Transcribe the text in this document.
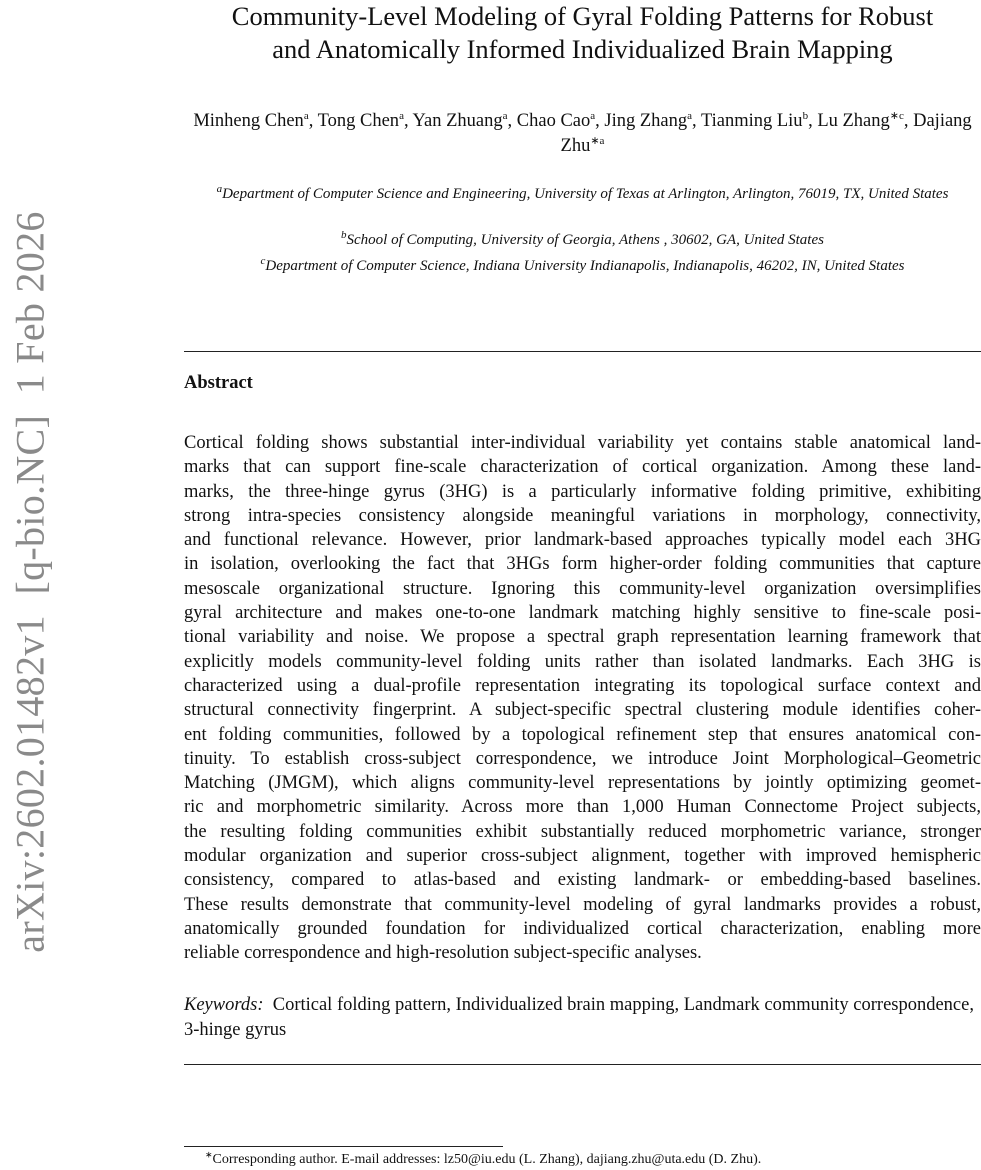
arXiv:2602.01482v1  [q-bio.NC]  1 Feb 2026
Community-Level Modeling of Gyral Folding Patterns for Robust
and Anatomically Informed Individualized Brain Mapping
Minheng Chen$^a$, Tong Chen$^a$, Yan Zhuang$^a$, Chao Cao$^a$, Jing Zhang$^a$, Tianming Liu$^b$, Lu Zhang$^{∗c}$, Dajiang Zhu$^{∗a}$
$^a$Department of Computer Science and Engineering, University of Texas at Arlington, Arlington, 76019, TX, United States
$^b$School of Computing, University of Georgia, Athens , 30602, GA, United States
$^c$Department of Computer Science, Indiana University Indianapolis, Indianapolis, 46202, IN, United States
Abstract
Cortical folding shows substantial inter-individual variability yet contains stable anatomical land-
marks that can support fine-scale characterization of cortical organization. Among these land-
marks, the three-hinge gyrus (3HG) is a particularly informative folding primitive, exhibiting
strong intra-species consistency alongside meaningful variations in morphology, connectivity,
and functional relevance. However, prior landmark-based approaches typically model each 3HG
in isolation, overlooking the fact that 3HGs form higher-order folding communities that capture
mesoscale organizational structure. Ignoring this community-level organization oversimplifies
gyral architecture and makes one-to-one landmark matching highly sensitive to fine-scale posi-
tional variability and noise. We propose a spectral graph representation learning framework that
explicitly models community-level folding units rather than isolated landmarks. Each 3HG is
characterized using a dual-profile representation integrating its topological surface context and
structural connectivity fingerprint. A subject-specific spectral clustering module identifies coher-
ent folding communities, followed by a topological refinement step that ensures anatomical con-
tinuity. To establish cross-subject correspondence, we introduce Joint Morphological–Geometric
Matching (JMGM), which aligns community-level representations by jointly optimizing geomet-
ric and morphometric similarity. Across more than 1,000 Human Connectome Project subjects,
the resulting folding communities exhibit substantially reduced morphometric variance, stronger
modular organization and superior cross-subject alignment, together with improved hemispheric
consistency, compared to atlas-based and existing landmark- or embedding-based baselines.
These results demonstrate that community-level modeling of gyral landmarks provides a robust,
anatomically grounded foundation for individualized cortical characterization, enabling more
reliable correspondence and high-resolution subject-specific analyses.
Keywords: Cortical folding pattern, Individualized brain mapping, Landmark community correspondence, 3-hinge gyrus
∗Corresponding author. E-mail addresses: lz50@iu.edu (L. Zhang), dajiang.zhu@uta.edu (D. Zhu).
